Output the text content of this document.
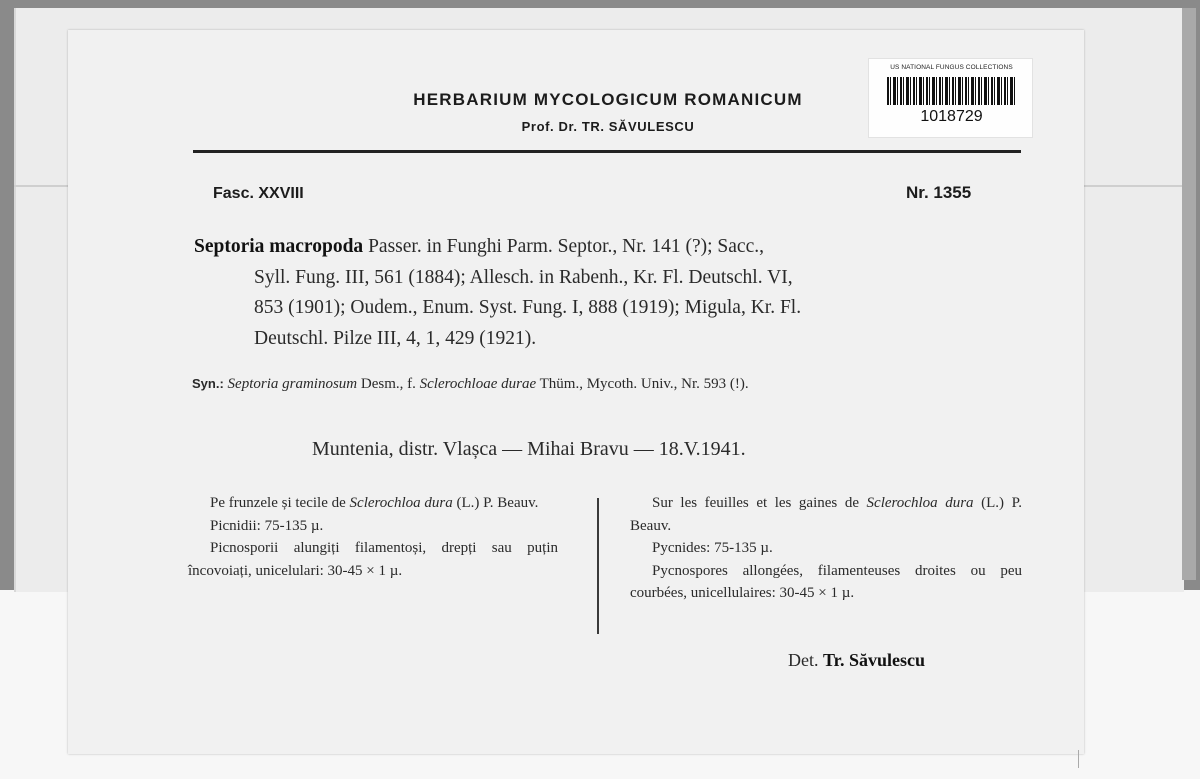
HERBARIUM MYCOLOGICUM ROMANICUM
Prof. Dr. TR. SĂVULESCU
US NATIONAL FUNGUS COLLECTIONS
1018729
Fasc. XXVIII	Nr. 1355
Septoria macropoda Passer. in Funghi Parm. Septor., Nr. 141 (?); Sacc.,
Syll. Fung. III, 561 (1884); Allesch. in Rabenh., Kr. Fl. Deutschl. VI,
853 (1901); Oudem., Enum. Syst. Fung. I, 888 (1919); Migula, Kr. Fl.
Deutschl. Pilze III, 4, 1, 429 (1921).
Syn.: Septoria graminosum Desm., f. Sclerochloae durae Thüm., Mycoth. Univ., Nr. 593 (!).
Muntenia, distr. Vlașca — Mihai Bravu — 18.V.1941.

Pe frunzele și tecile de Sclerochloa dura (L.) P. Beauv.

Picnidii: 75-135 µ.

Picnosporii alungiți filamentoși, drepți sau puțin încovoiați, unicelulari: 30-45 × 1 µ.

Sur les feuilles et les gaines de Sclerochloa dura (L.) P. Beauv.

Pycnides: 75-135 µ.

Pycnospores allongées, filamenteuses droites ou peu courbées, unicellulaires: 30-45 × 1 µ.

Det. Tr. Săvulescu
